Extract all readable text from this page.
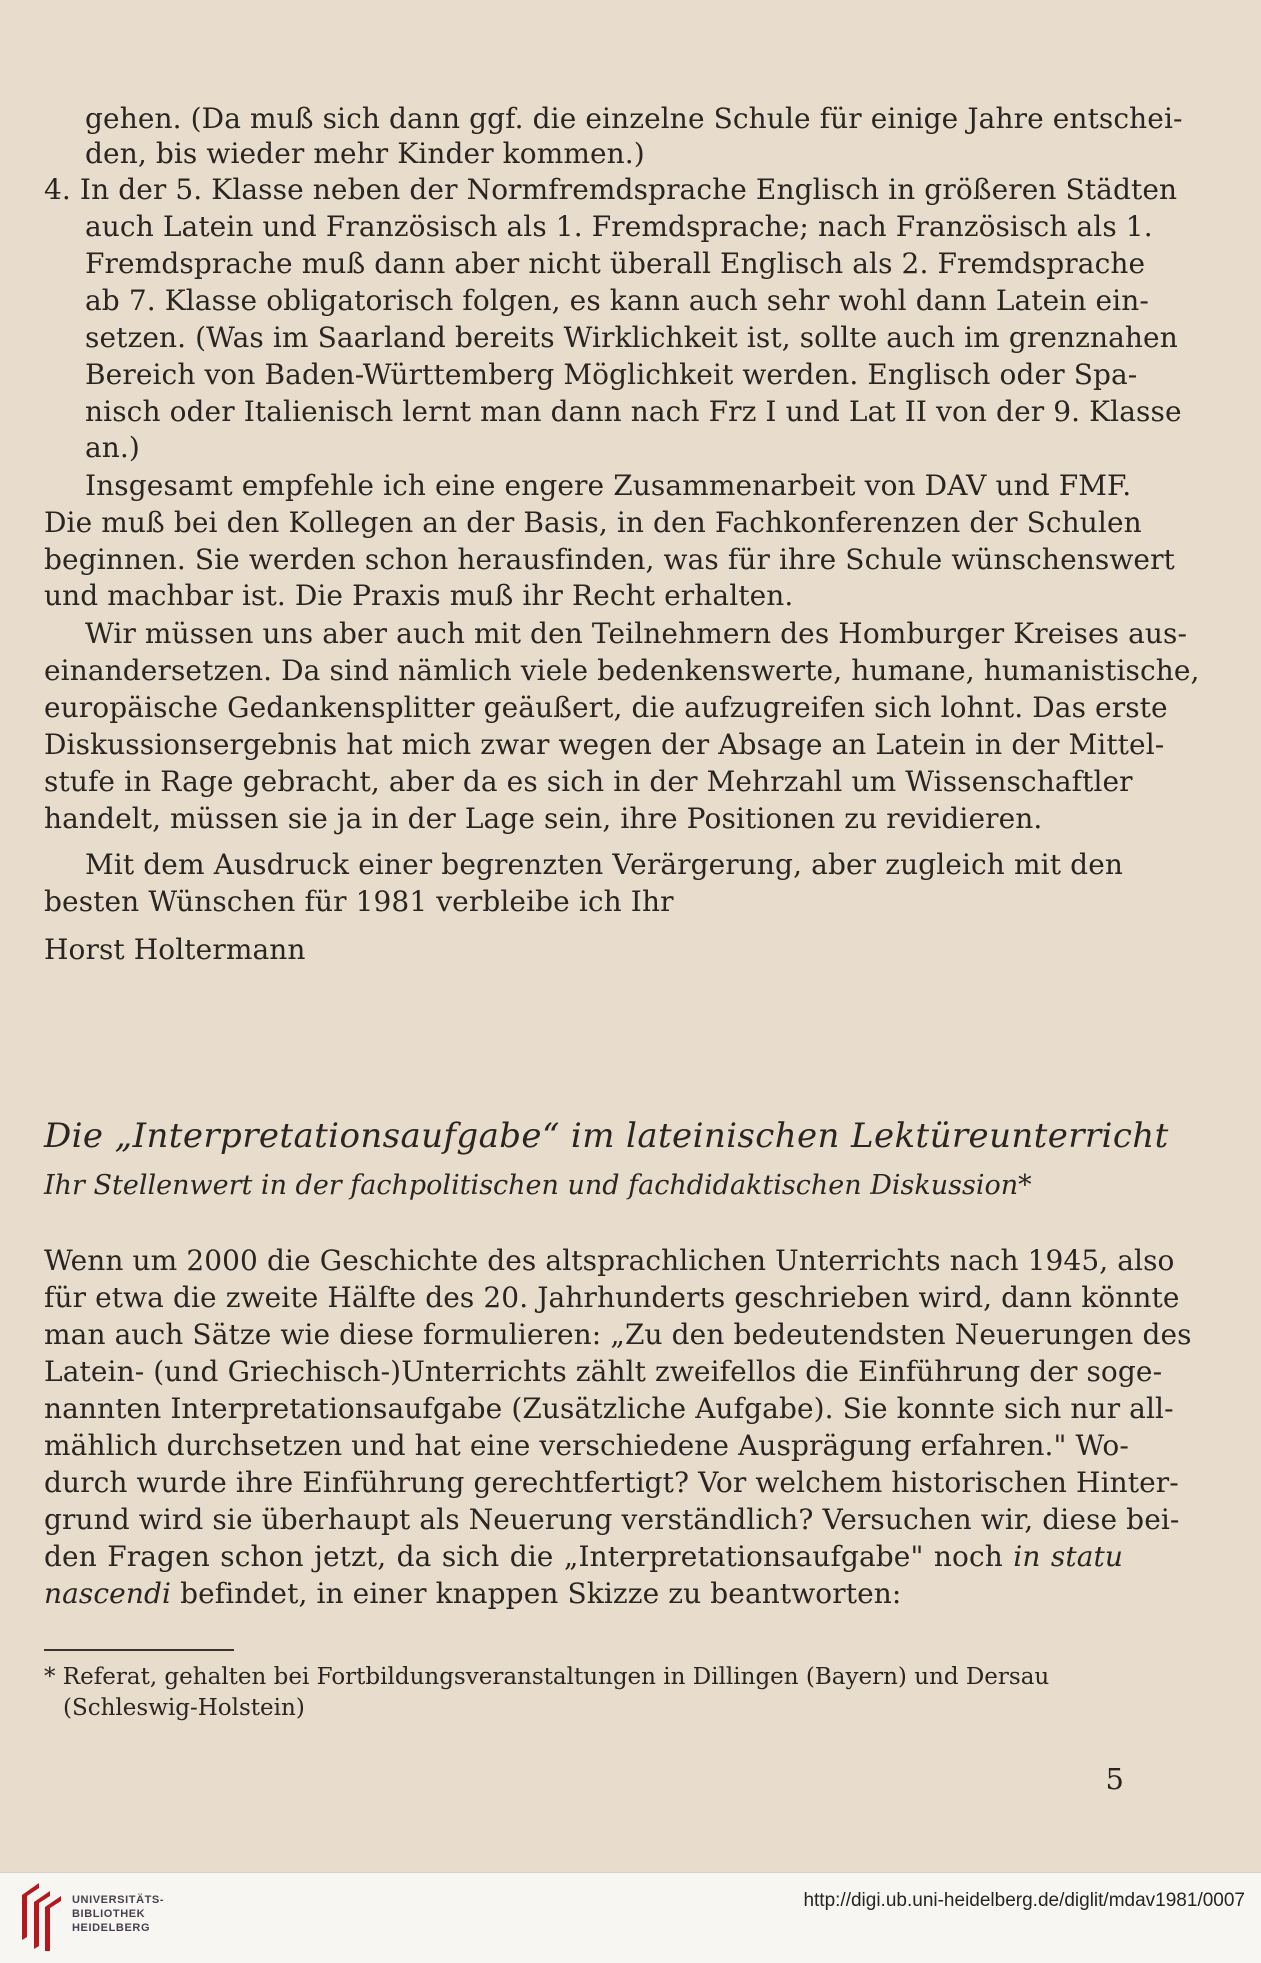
gehen. (Da muß sich dann ggf. die einzelne Schule für einige Jahre entschei-
den, bis wieder mehr Kinder kommen.)
4. In der 5. Klasse neben der Normfremdsprache Englisch in größeren Städten
auch Latein und Französisch als 1. Fremdsprache; nach Französisch als 1.
Fremdsprache muß dann aber nicht überall Englisch als 2. Fremdsprache
ab 7. Klasse obligatorisch folgen, es kann auch sehr wohl dann Latein ein-
setzen. (Was im Saarland bereits Wirklichkeit ist, sollte auch im grenznahen
Bereich von Baden-Württemberg Möglichkeit werden. Englisch oder Spa-
nisch oder Italienisch lernt man dann nach Frz I und Lat II von der 9. Klasse
an.)
Insgesamt empfehle ich eine engere Zusammenarbeit von DAV und FMF.
Die muß bei den Kollegen an der Basis, in den Fachkonferenzen der Schulen
beginnen. Sie werden schon herausfinden, was für ihre Schule wünschenswert
und machbar ist. Die Praxis muß ihr Recht erhalten.
Wir müssen uns aber auch mit den Teilnehmern des Homburger Kreises aus-
einandersetzen. Da sind nämlich viele bedenkenswerte, humane, humanistische,
europäische Gedankensplitter geäußert, die aufzugreifen sich lohnt. Das erste
Diskussionsergebnis hat mich zwar wegen der Absage an Latein in der Mittel-
stufe in Rage gebracht, aber da es sich in der Mehrzahl um Wissenschaftler
handelt, müssen sie ja in der Lage sein, ihre Positionen zu revidieren.
Mit dem Ausdruck einer begrenzten Verärgerung, aber zugleich mit den
besten Wünschen für 1981 verbleibe ich Ihr
Horst Holtermann
Wenn um 2000 die Geschichte des altsprachlichen Unterrichts nach 1945, also
für etwa die zweite Hälfte des 20. Jahrhunderts geschrieben wird, dann könnte
man auch Sätze wie diese formulieren: „Zu den bedeutendsten Neuerungen des
Latein- (und Griechisch-)Unterrichts zählt zweifellos die Einführung der soge-
nannten Interpretationsaufgabe (Zusätzliche Aufgabe). Sie konnte sich nur all-
mählich durchsetzen und hat eine verschiedene Ausprägung erfahren." Wo-
durch wurde ihre Einführung gerechtfertigt? Vor welchem historischen Hinter-
grund wird sie überhaupt als Neuerung verständlich? Versuchen wir, diese bei-
den Fragen schon jetzt, da sich die „Interpretationsaufgabe" noch in statu
nascendi befindet, in einer knappen Skizze zu beantworten:
Die „Interpretationsaufgabe“ im lateinischen Lektüreunterricht
Ihr Stellenwert in der fachpolitischen und fachdidaktischen Diskussion*
* Referat, gehalten bei Fortbildungsveranstaltungen in Dillingen (Bayern) und Dersau
(Schleswig-Holstein)
5
UNIVERSITÄTS-
BIBLIOTHEK
HEIDELBERG
http://digi.ub.uni-heidelberg.de/diglit/mdav1981/0007
